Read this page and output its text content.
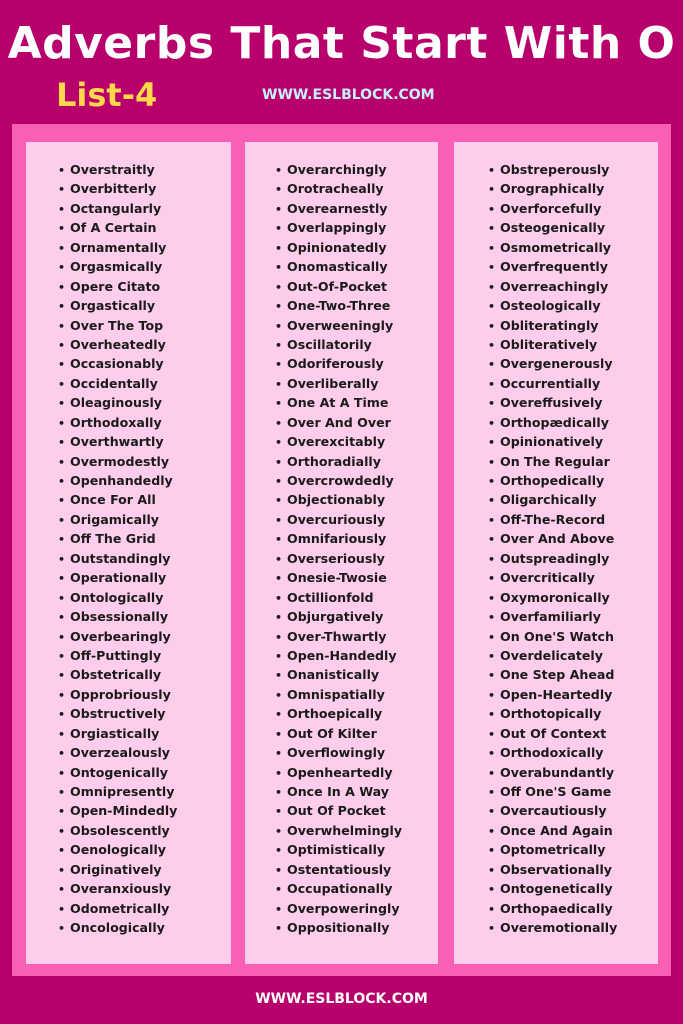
Adverbs That Start With O
List-4	WWW.ESLBLOCK.COM
• Overstraitly
• Overbitterly
• Octangularly
• Of A Certain
• Ornamentally
• Orgasmically
• Opere Citato
• Orgastically
• Over The Top
• Overheatedly
• Occasionably
• Occidentally
• Oleaginously
• Orthodoxally
• Overthwartly
• Overmodestly
• Openhandedly
• Once For All
• Origamically
• Off The Grid
• Outstandingly
• Operationally
• Ontologically
• Obsessionally
• Overbearingly
• Off-Puttingly
• Obstetrically
• Opprobriously
• Obstructively
• Orgiastically
• Overzealously
• Ontogenically
• Omnipresently
• Open-Mindedly
• Obsolescently
• Oenologically
• Originatively
• Overanxiously
• Odometrically
• Oncologically
• Overarchingly
• Orotracheally
• Overearnestly
• Overlappingly
• Opinionatedly
• Onomastically
• Out-Of-Pocket
• One-Two-Three
• Overweeningly
• Oscillatorily
• Odoriferously
• Overliberally
• One At A Time
• Over And Over
• Overexcitably
• Orthoradially
• Overcrowdedly
• Objectionably
• Overcuriously
• Omnifariously
• Overseriously
• Onesie-Twosie
• Octillionfold
• Objurgatively
• Over-Thwartly
• Open-Handedly
• Onanistically
• Omnispatially
• Orthoepically
• Out Of Kilter
• Overflowingly
• Openheartedly
• Once In A Way
• Out Of Pocket
• Overwhelmingly
• Optimistically
• Ostentatiously
• Occupationally
• Overpoweringly
• Oppositionally
• Obstreperously
• Orographically
• Overforcefully
• Osteogenically
• Osmometrically
• Overfrequently
• Overreachingly
• Osteologically
• Obliteratingly
• Obliteratively
• Overgenerously
• Occurrentially
• Overeffusively
• Orthopædically
• Opinionatively
• On The Regular
• Orthopedically
• Oligarchically
• Off-The-Record
• Over And Above
• Outspreadingly
• Overcritically
• Oxymoronically
• Overfamiliarly
• On One'S Watch
• Overdelicately
• One Step Ahead
• Open-Heartedly
• Orthotopically
• Out Of Context
• Orthodoxically
• Overabundantly
• Off One'S Game
• Overcautiously
• Once And Again
• Optometrically
• Observationally
• Ontogenetically
• Orthopaedically
• Overemotionally
WWW.ESLBLOCK.COM
